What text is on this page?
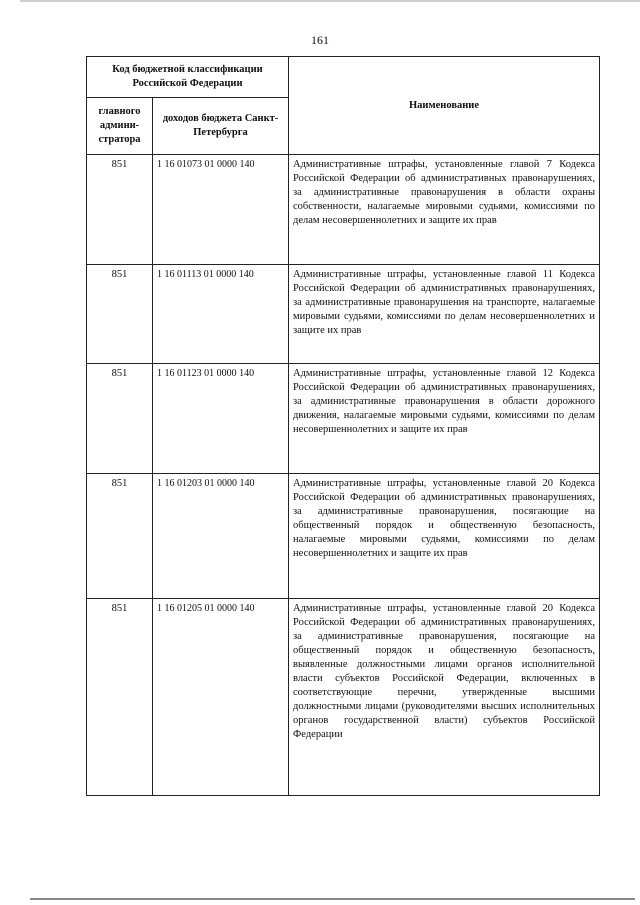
161
Код бюджетной классификации Российской Федерации		Наименование
главного админи-стратора	доходов бюджета Санкт-Петербурга	
851	1 16 01073 01 0000 140	Административные штрафы, установленные главой 7 Кодекса Российской Федерации об административных правонарушениях, за административные правонарушения в области охраны собственности, налагаемые мировыми судьями, комиссиями по делам несовершеннолетних и защите их прав
851	1 16 01113 01 0000 140	Административные штрафы, установленные главой 11 Кодекса Российской Федерации об административных правонарушениях, за административные правонарушения на транспорте, налагаемые мировыми судьями, комиссиями по делам несовершеннолетних и защите их прав
851	1 16 01123 01 0000 140	Административные штрафы, установленные главой 12 Кодекса Российской Федерации об административных правонарушениях, за административные правонарушения в области дорожного движения, налагаемые мировыми судьями, комиссиями по делам несовершеннолетних и защите их прав
851	1 16 01203 01 0000 140	Административные штрафы, установленные главой 20 Кодекса Российской Федерации об административных правонарушениях, за административные правонарушения, посягающие на общественный порядок и общественную безопасность, налагаемые мировыми судьями, комиссиями по делам несовершеннолетних и защите их прав
851	1 16 01205 01 0000 140	Административные штрафы, установленные главой 20 Кодекса Российской Федерации об административных правонарушениях, за административные правонарушения, посягающие на общественный порядок и общественную безопасность, выявленные должностными лицами органов исполнительной власти субъектов Российской Федерации, включенных в соответствующие перечни, утвержденные высшими должностными лицами (руководителями высших исполнительных органов государственной власти) субъектов Российской Федерации
